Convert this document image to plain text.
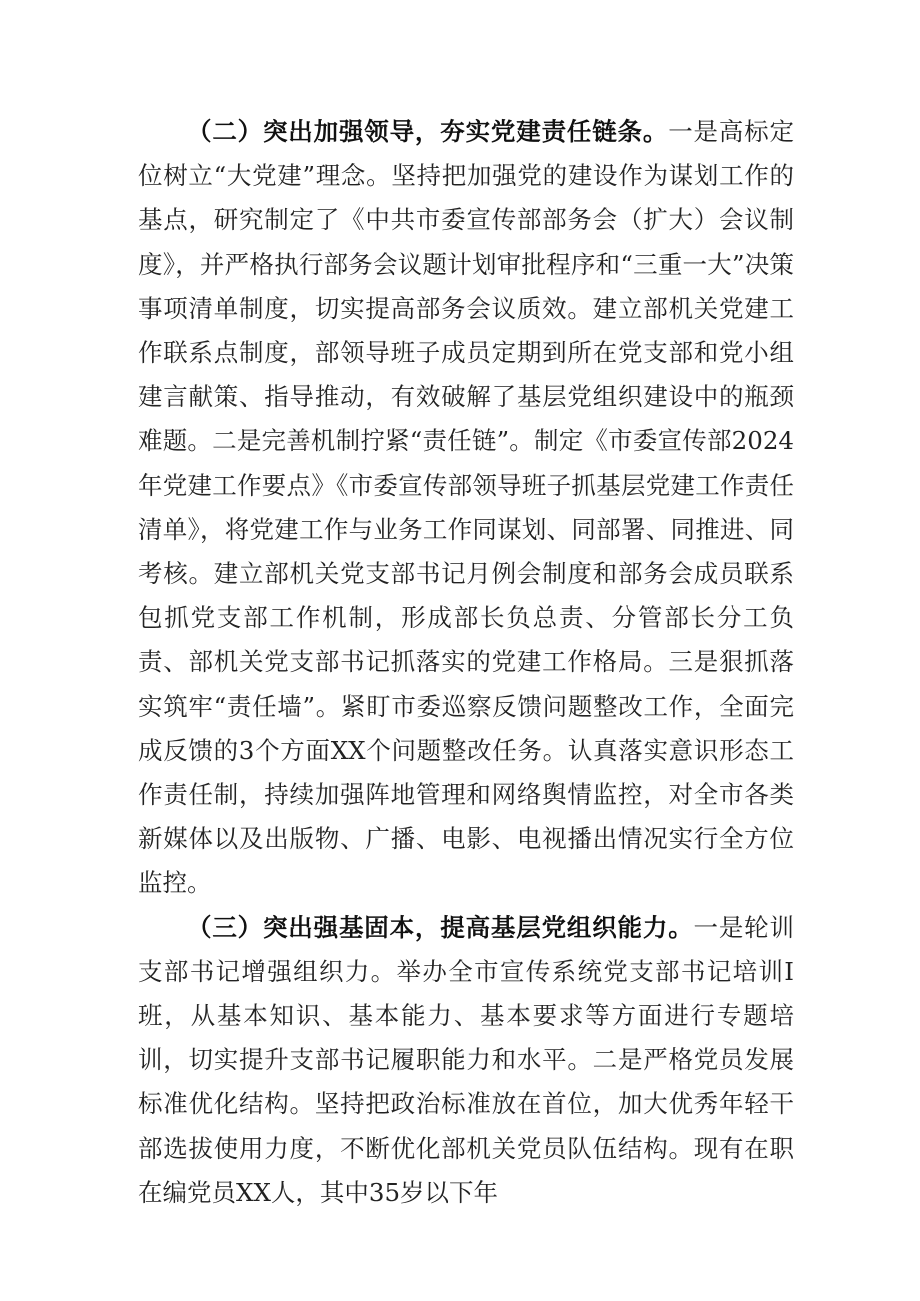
（二）突出加强领导，夯实党建责任链条。一是高标定位树立“大党建”理念。坚持把加强党的建设作为谋划工作的基点，研究制定了《中共市委宣传部部务会（扩大）会议制度》，并严格执行部务会议题计划审批程序和“三重一大”决策事项清单制度，切实提高部务会议质效。建立部机关党建工作联系点制度，部领导班子成员定期到所在党支部和党小组建言献策、指导推动，有效破解了基层党组织建设中的瓶颈难题。二是完善机制拧紧“责任链”。制定《市委宣传部2024年党建工作要点》《市委宣传部领导班子抓基层党建工作责任清单》，将党建工作与业务工作同谋划、同部署、同推进、同考核。建立部机关党支部书记月例会制度和部务会成员联系包抓党支部工作机制，形成部长负总责、分管部长分工负责、部机关党支部书记抓落实的党建工作格局。三是狠抓落实筑牢“责任墙”。紧盯市委巡察反馈问题整改工作，全面完成反馈的3个方面XX个问题整改任务。认真落实意识形态工作责任制，持续加强阵地管理和网络舆情监控，对全市各类新媒体以及出版物、广播、电影、电视播出情况实行全方位监控。

（三）突出强基固本，提高基层党组织能力。一是轮训支部书记增强组织力。举办全市宣传系统党支部书记培训I班，从基本知识、基本能力、基本要求等方面进行专题培训，切实提升支部书记履职能力和水平。二是严格党员发展标准优化结构。坚持把政治标准放在首位，加大优秀年轻干部选拔使用力度，不断优化部机关党员队伍结构。现有在职在编党员XX人，其中35岁以下年
